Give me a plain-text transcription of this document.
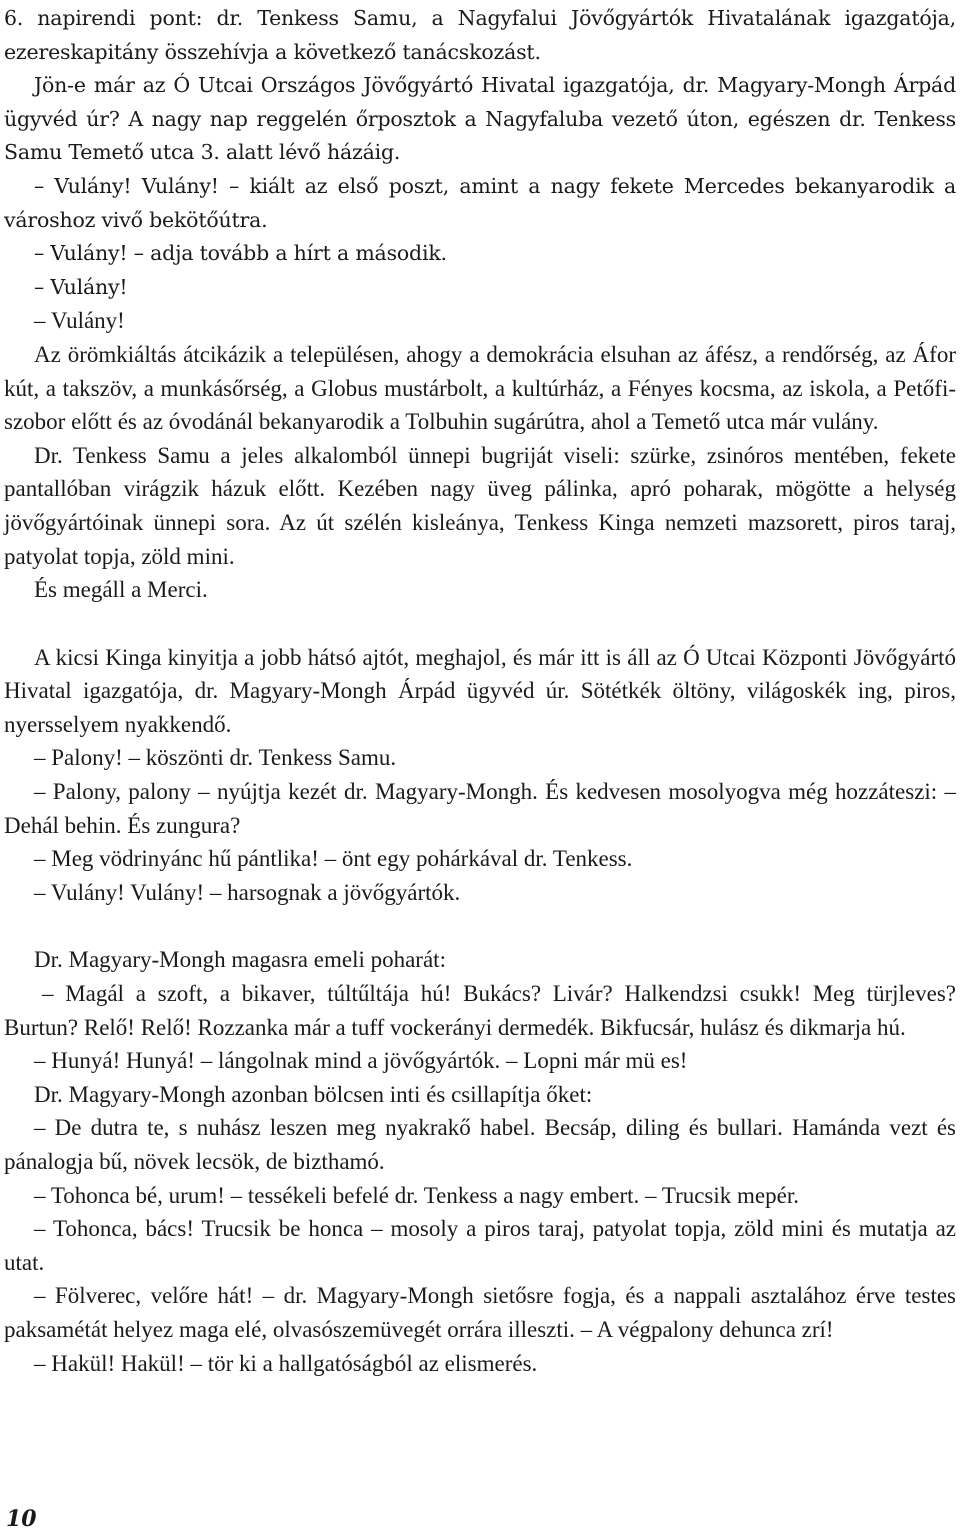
6. napirendi pont: dr. Tenkess Samu, a Nagyfalui Jövőgyártók Hivatalának igazgatója, ezereskapitány összehívja a következő tanácskozást.

Jön-e már az Ó Utcai Országos Jövőgyártó Hivatal igazgatója, dr. Magyary-Mongh Árpád ügyvéd úr? A nagy nap reggelén őrposztok a Nagyfaluba vezető úton, egészen dr. Tenkess Samu Temető utca 3. alatt lévő házáig.

– Vulány! Vulány! – kiált az első poszt, amint a nagy fekete Mercedes bekanyarodik a városhoz vivő bekötőútra.

– Vulány! – adja tovább a hírt a második.

– Vulány!

– Vulány!

Az örömkiáltás átcikázik a településen, ahogy a demokrácia elsuhan az áfész, a rendőrség, az Áfor kút, a takszöv, a munkásőrség, a Globus mustárbolt, a kultúrház, a Fényes kocsma, az iskola, a Petőfi-szobor előtt és az óvodánál bekanyarodik a Tolbuhin sugárútra, ahol a Temető utca már vulány.

Dr. Tenkess Samu a jeles alkalomból ünnepi bugriját viseli: szürke, zsinóros mentében, fekete pantallóban virágzik házuk előtt. Kezében nagy üveg pálinka, apró poharak, mögötte a helység jövőgyártóinak ünnepi sora. Az út szélén kisleánya, Tenkess Kinga nemzeti mazsorett, piros taraj, patyolat topja, zöld mini.

És megáll a Merci.

A kicsi Kinga kinyitja a jobb hátsó ajtót, meghajol, és már itt is áll az Ó Utcai Központi Jövőgyártó Hivatal igazgatója, dr. Magyary-Mongh Árpád ügyvéd úr. Sötétkék öltöny, világoskék ing, piros, nyersselyem nyakkendő.

– Palony! – köszönti dr. Tenkess Samu.

– Palony, palony – nyújtja kezét dr. Magyary-Mongh. És kedvesen mosolyogva még hozzáteszi: – Dehál behin. És zungura?

– Meg vödrinyánc hű pántlika! – önt egy pohárkával dr. Tenkess.

– Vulány! Vulány! – harsognak a jövőgyártók.

Dr. Magyary-Mongh magasra emeli poharát:

– Magál a szoft, a bikaver, túltűltája hú! Bukács? Livár? Halkendzsi csukk! Meg türjleves? Burtun? Relő! Relő! Rozzanka már a tuff vockerányi dermedék. Bikfucsár, hulász és dikmarja hú.

– Hunyá! Hunyá! – lángolnak mind a jövőgyártók. – Lopni már mü es!

Dr. Magyary-Mongh azonban bölcsen inti és csillapítja őket:

– De dutra te, s nuhász leszen meg nyakrakő habel. Becsáp, diling és bullari. Hamánda vezt és pánalogja bű, növek lecsök, de bizthamó.

– Tohonca bé, urum! – tessékeli befelé dr. Tenkess a nagy embert. – Trucsik mepér.

– Tohonca, bács! Trucsik be honca – mosoly a piros taraj, patyolat topja, zöld mini és mutatja az utat.

– Fölverec, velőre hát! – dr. Magyary-Mongh sietősre fogja, és a nappali asztalához érve testes paksamétát helyez maga elé, olvasószemüvegét orrára illeszti. – A végpalony dehunca zrí!

– Hakül! Hakül! – tör ki a hallgatóságból az elismerés.

10
